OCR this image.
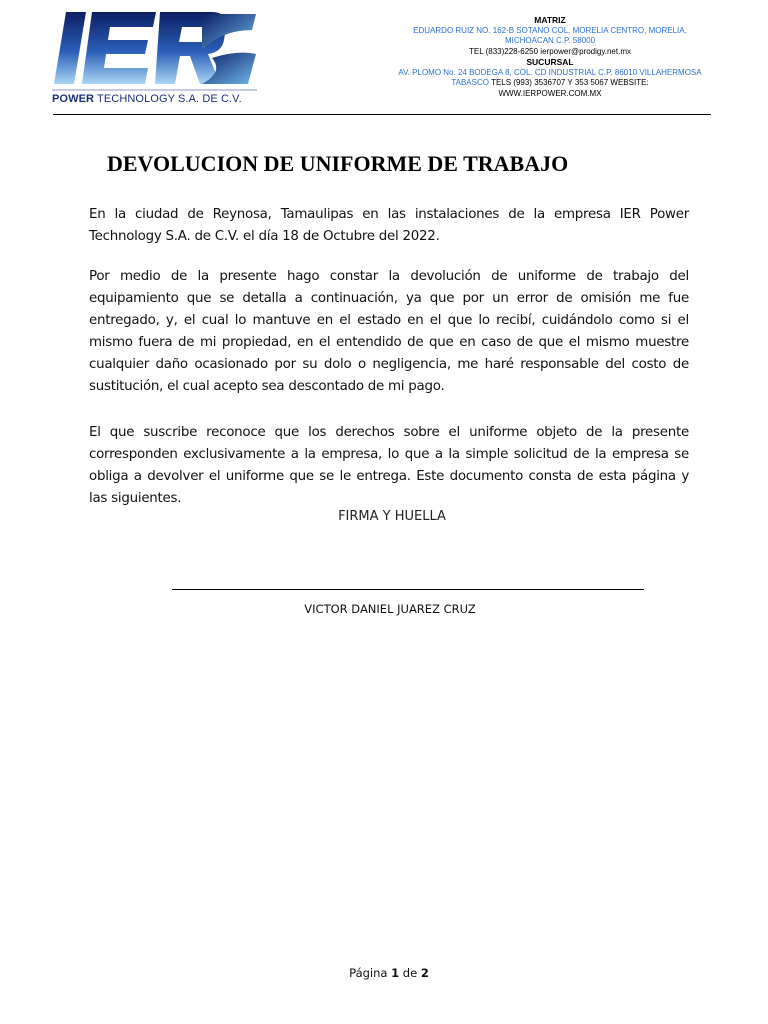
POWER TECHNOLOGY S.A. DE C.V.
MATRIZ
EDUARDO RUIZ NO. 162-B SOTANO COL. MORELIA CENTRO, MORELIA,
MICHOACAN C.P. 58000
TEL (833)228-6250 ierpower@prodigy.net.mx
SUCURSAL
AV. PLOMO No. 24 BODEGA 8, COL. CD INDUSTRIAL C.P. 86010 VILLAHERMOSA
TABASCO TELS (993) 3536707 Y 353 5067 WEBSITE:
WWW.IERPOWER.COM.MX
DEVOLUCION DE UNIFORME DE TRABAJO
En la ciudad de Reynosa, Tamaulipas en las instalaciones de la empresa IER Power Technology S.A. de C.V. el día 18 de Octubre del 2022.
Por medio de la presente hago constar la devolución de uniforme de trabajo del equipamiento que se detalla a continuación, ya que por un error de omisión me fue entregado, y, el cual lo mantuve en el estado en el que lo recibí, cuidándolo como si el mismo fuera de mi propiedad, en el entendido de que en caso de que el mismo muestre cualquier daño ocasionado por su dolo o negligencia, me haré responsable del costo de sustitución, el cual acepto sea descontado de mi pago.
El que suscribe reconoce que los derechos sobre el uniforme objeto de la presente corresponden exclusivamente a la empresa, lo que a la simple solicitud de la empresa se obliga a devolver el uniforme que se le entrega. Este documento consta de esta página y las siguientes.
FIRMA Y HUELLA
VICTOR DANIEL JUAREZ CRUZ
Página 1 de 2
